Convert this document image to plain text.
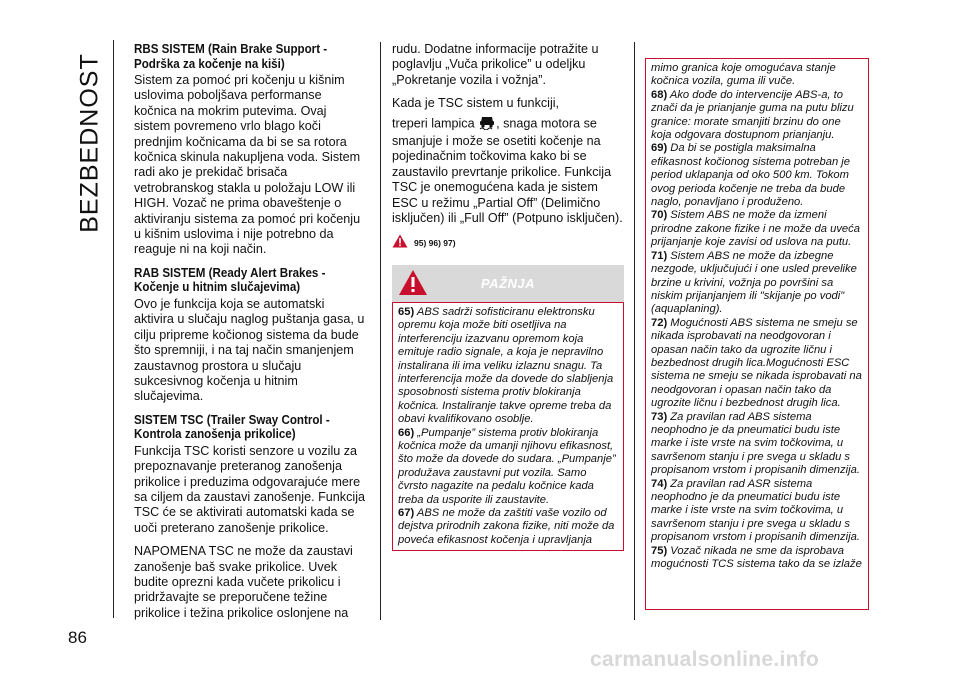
BEZBEDNOST
86
RBS SISTEM (Rain Brake Support - Podrška za kočenje na kiši)

Sistem za pomoć pri kočenju u kišnim uslovima poboljšava performanse kočnica na mokrim putevima. Ovaj sistem povremeno vrlo blago koči prednjim kočnicama da bi se sa rotora kočnica skinula nakupljena voda. Sistem radi ako je prekidač brisača vetrobranskog stakla u položaju LOW ili HIGH. Vozač ne prima obaveštenje o aktiviranju sistema za pomoć pri kočenju u kišnim uslovima i nije potrebno da reaguje ni na koji način.

RAB SISTEM (Ready Alert Brakes - Kočenje u hitnim slučajevima)

Ovo je funkcija koja se automatski aktivira u slučaju naglog puštanja gasa, u cilju pripreme kočionog sistema da bude što spremniji, i na taj način smanjenjem zaustavnog prostora u slučaju sukcesivnog kočenja u hitnim slučajevima.

SISTEM TSC (Trailer Sway Control - Kontrola zanošenja prikolice)

Funkcija TSC koristi senzore u vozilu za prepoznavanje preteranog zanošenja prikolice i preduzima odgovarajuće mere sa ciljem da zaustavi zanošenje. Funkcija TSC će se aktivirati automatski kada se uoči preterano zanošenje prikolice.

NAPOMENA TSC ne može da zaustavi zanošenje baš svake prikolice. Uvek budite oprezni kada vučete prikolicu i pridržavajte se preporučene težine prikolice i težina prikolice oslonjene na

rudu. Dodatne informacije potražite u poglavlju „Vuča prikolice” u odeljku „Pokretanje vozila i vožnja”.

Kada je TSC sistem u funkciji,

treperi lampica , snaga motora se smanjuje i može se osetiti kočenje na pojedinačnim točkovima kako bi se zaustavilo prevrtanje prikolice. Funkcija TSC je onemogućena kada je sistem ESC u režimu „Partial Off” (Delimično isključen) ili „Full Off” (Potpuno isključen).

95) 96) 97)
PAŽNJA
65) ABS sadrži sofisticiranu elektronsku opremu koja može biti osetljiva na interferenciju izazvanu opremom koja emituje radio signale, a koja je nepravilno instalirana ili ima veliku izlaznu snagu. Ta interferencija može da dovede do slabljenja sposobnosti sistema protiv blokiranja kočnica. Instaliranje takve opreme treba da obavi kvalifikovano osoblje.
66) „Pumpanje” sistema protiv blokiranja kočnica može da umanji njihovu efikasnost, što može da dovede do sudara. „Pumpanje” produžava zaustavni put vozila. Samo čvrsto nagazite na pedalu kočnice kada treba da usporite ili zaustavite.
67) ABS ne može da zaštiti vaše vozilo od dejstva prirodnih zakona fizike, niti može da poveća efikasnost kočenja i upravljanja
mimo granica koje omogućava stanje kočnica vozila, guma ili vuče.
68) Ako dođe do intervencije ABS-a, to znači da je prianjanje guma na putu blizu granice: morate smanjiti brzinu do one koja odgovara dostupnom prianjanju.
69) Da bi se postigla maksimalna efikasnost kočionog sistema potreban je period uklapanja od oko 500 km. Tokom ovog perioda kočenje ne treba da bude naglo, ponavljano i produženo.
70) Sistem ABS ne može da izmeni prirodne zakone fizike i ne može da uveća prijanjanje koje zavisi od uslova na putu.
71) Sistem ABS ne može da izbegne nezgode, uključujući i one usled prevelike brzine u krivini, vožnja po površini sa niskim prijanjanjem ili "skijanje po vodi" (aquaplaning).
72) Mogućnosti ABS sistema ne smeju se nikada isprobavati na neodgovoran i opasan način tako da ugrozite ličnu i bezbednost drugih lica.Mogućnosti ESC sistema ne smeju se nikada isprobavati na neodgovoran i opasan način tako da ugrozite ličnu i bezbednost drugih lica.
73) Za pravilan rad ABS sistema neophodno je da pneumatici budu iste marke i iste vrste na svim točkovima, u savršenom stanju i pre svega u skladu s propisanom vrstom i propisanih dimenzija.
74) Za pravilan rad ASR sistema neophodno je da pneumatici budu iste marke i iste vrste na svim točkovima, u savršenom stanju i pre svega u skladu s propisanom vrstom i propisanih dimenzija.
75) Vozač nikada ne sme da isprobava mogućnosti TCS sistema tako da se izlaže
carmanualsonline.info
